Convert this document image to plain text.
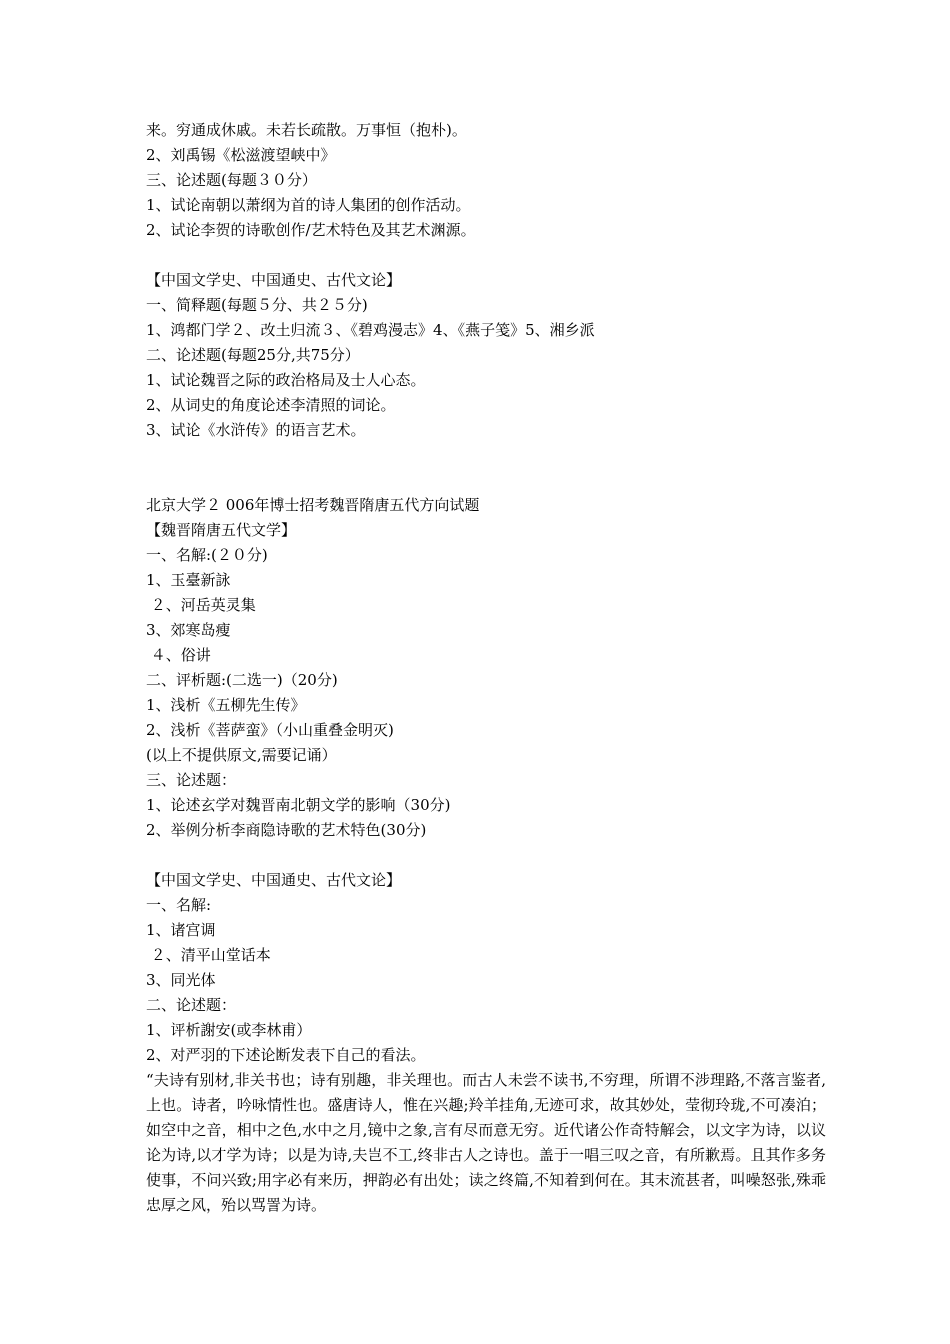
来。穷通成休戚。未若长疏散。万事恒（抱朴)。
2、刘禹锡《松滋渡望峡中》
三、论述题(每题３０分）
1、试论南朝以萧纲为首的诗人集团的创作活动。
2、试论李贺的诗歌创作/艺术特色及其艺术渊源。
【中国文学史、中国通史、古代文论】
一、简释题(每题５分、共２５分)
1、鸿都门学２、改土归流３、《碧鸡漫志》4、《燕子笺》5、湘乡派
二、论述题(每题25分,共75分）
1、试论魏晋之际的政治格局及士人心态。
2、从词史的角度论述李清照的词论。
3、试论《水浒传》的语言艺术。
北京大学２ 006年博士招考魏晋隋唐五代方向试题
【魏晋隋唐五代文学】
一、名解:(２０分)
1、玉臺新詠
２、河岳英灵集
3、郊寒岛瘦
４、俗讲
二、评析题:(二选一)（20分)
1、浅析《五柳先生传》
2、浅析《菩萨蛮》（小山重叠金明灭)
(以上不提供原文,需要记诵）
三、论述题：
1、论述玄学对魏晋南北朝文学的影响（30分)
2、举例分析李商隐诗歌的艺术特色(30分)
【中国文学史、中国通史、古代文论】
一、名解:
1、诸宫调
２、清平山堂话本
3、同光体
二、论述题：
1、评析謝安(或李林甫）
2、对严羽的下述论断发表下自己的看法。
“夫诗有别材,非关书也；诗有别趣，非关理也。而古人未尝不读书,不穷理，所谓不涉理路,不落言鉴者,上也。诗者，吟咏情性也。盛唐诗人，惟在兴趣;羚羊挂角,无迹可求，故其妙处，莹彻玲珑,不可凑泊；如空中之音，相中之色,水中之月,镜中之象,言有尽而意无穷。近代诸公作奇特解会，以文字为诗，以议论为诗,以才学为诗；以是为诗,夫岂不工,终非古人之诗也。盖于一唱三叹之音，有所歉焉。且其作多务使事，不问兴致;用字必有来历，押韵必有出处；读之终篇,不知着到何在。其末流甚者，叫噪怒张,殊乖忠厚之风，殆以骂詈为诗。
